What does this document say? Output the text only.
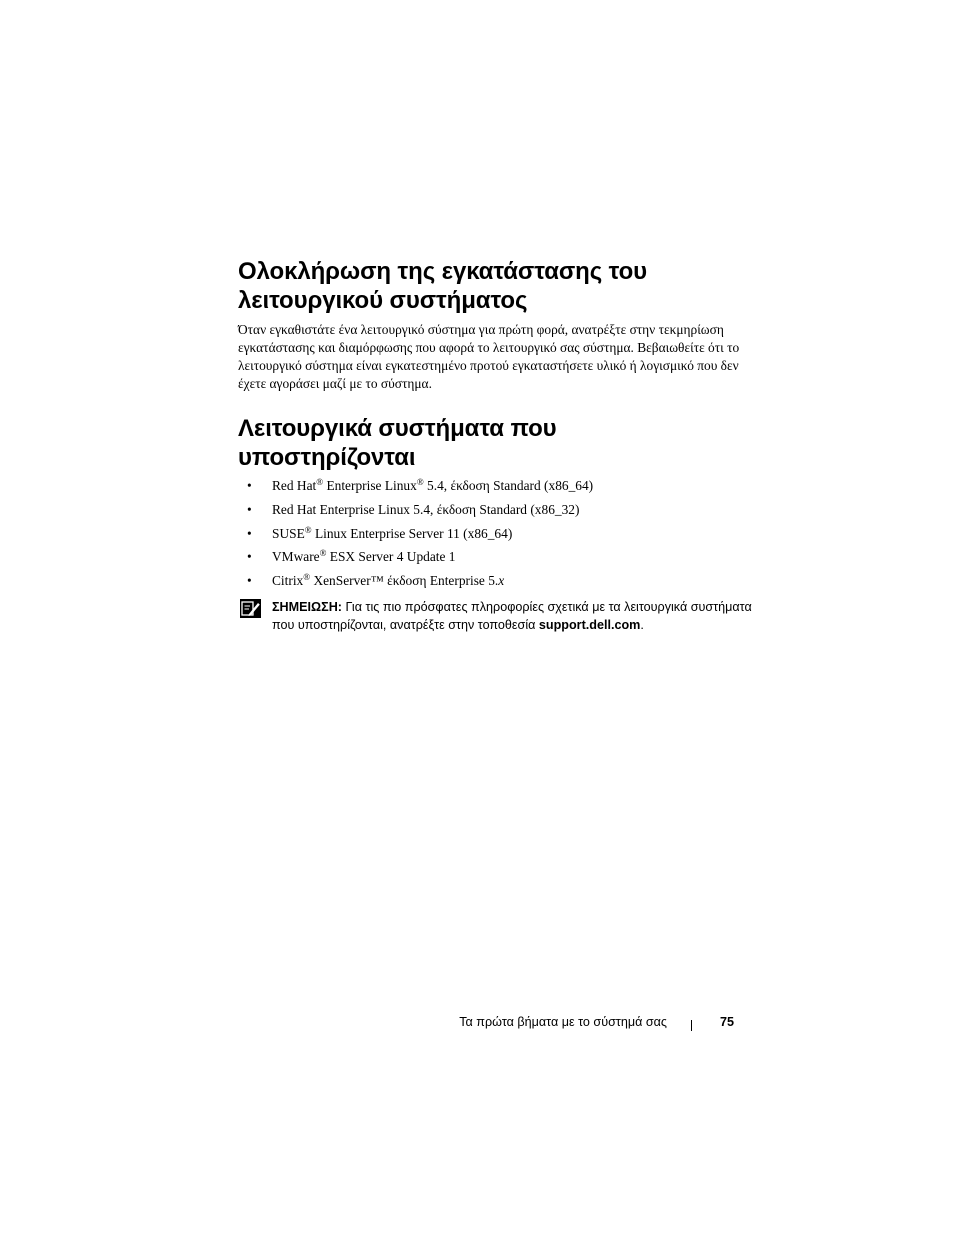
Ολοκλήρωση της εγκατάστασης του
λειτουργικού συστήματος

Όταν εγκαθιστάτε ένα λειτουργικό σύστημα για πρώτη φορά, ανατρέξτε στην τεκμηρίωση εγκατάστασης και διαμόρφωσης που αφορά το λειτουργικό σας σύστημα. Βεβαιωθείτε ότι το λειτουργικό σύστημα είναι εγκατεστημένο προτού εγκαταστήσετε υλικό ή λογισμικό που δεν έχετε αγοράσει μαζί με το σύστημα.

Λειτουργικά συστήματα που
υποστηρίζονται
• Red Hat® Enterprise Linux® 5.4, έκδοση Standard (x86_64)
• Red Hat Enterprise Linux 5.4, έκδοση Standard (x86_32)
• SUSE® Linux Enterprise Server 11 (x86_64)
• VMware® ESX Server 4 Update 1
• Citrix® XenServer™ έκδοση Enterprise 5.x
ΣΗΜΕΙΩΣΗ: Για τις πιο πρόσφατες πληροφορίες σχετικά με τα λειτουργικά συστήματα που υποστηρίζονται, ανατρέξτε στην τοποθεσία support.dell.com.
Τα πρώτα βήματα με το σύστημά σας	75
